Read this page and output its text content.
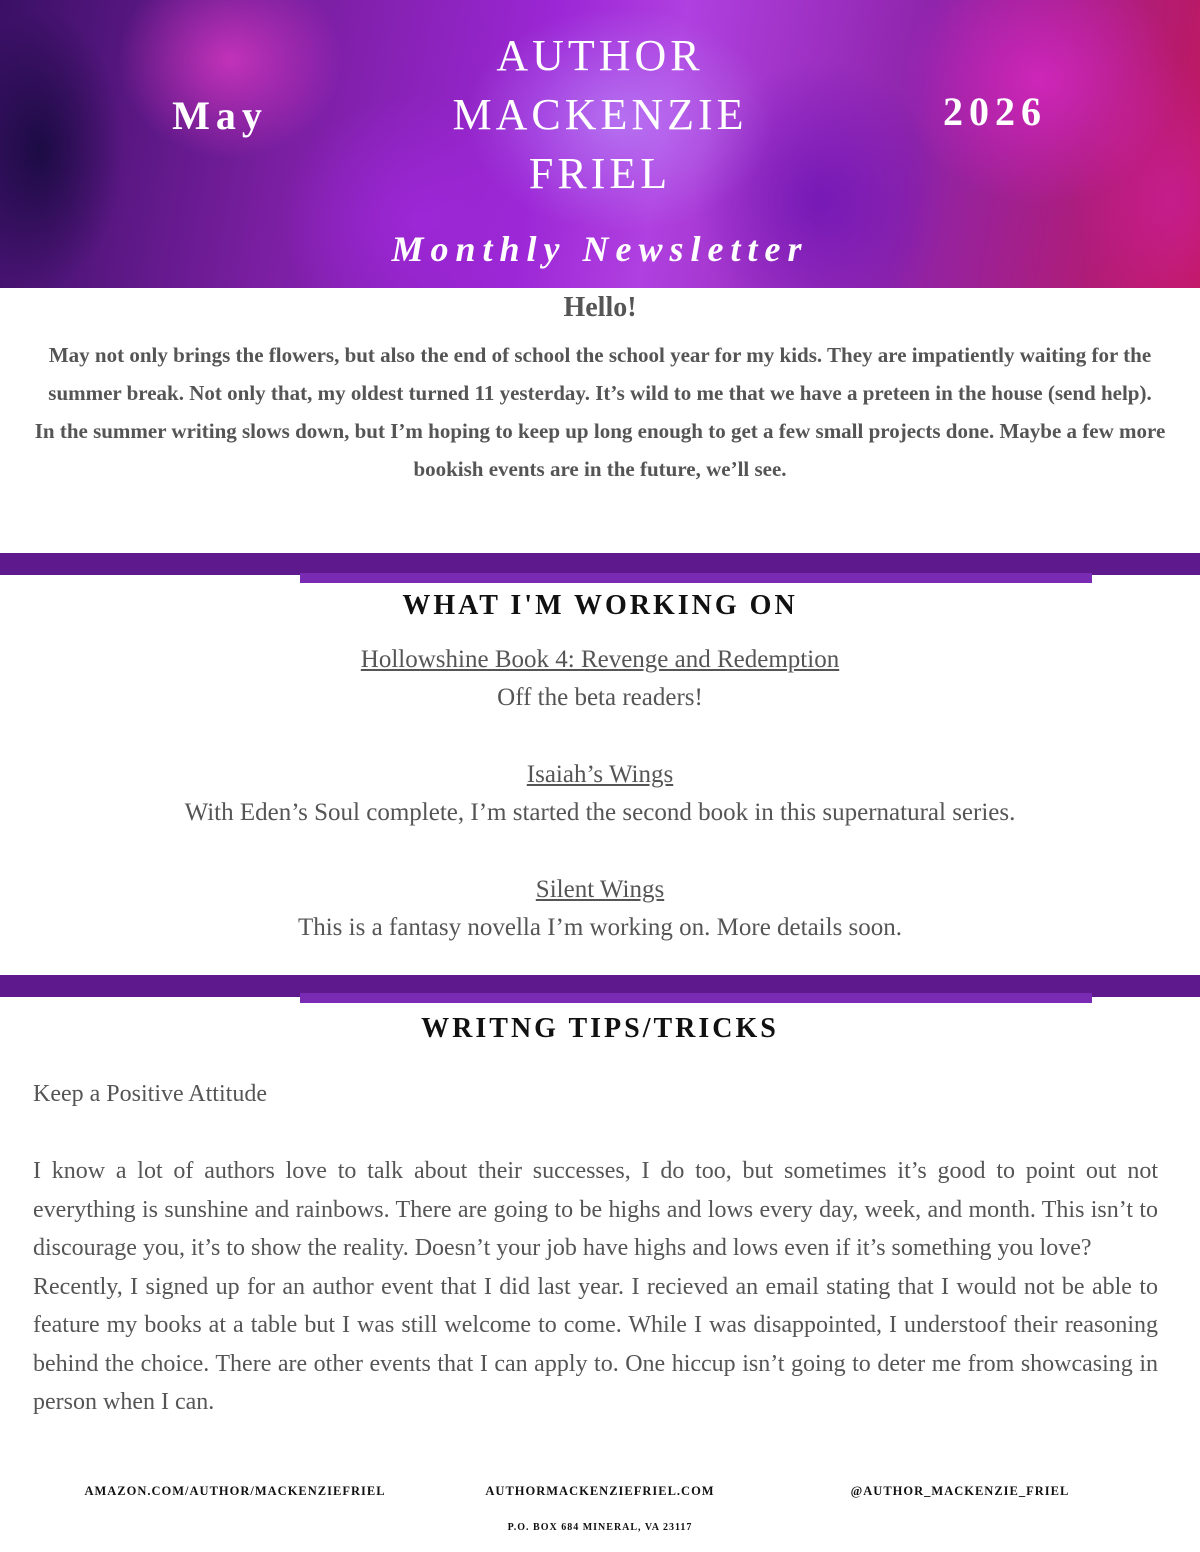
May
AUTHOR
MACKENZIE
FRIEL
2026
Monthly Newsletter
Hello!
May not only brings the flowers, but also the end of school the school year for my kids. They are impatiently waiting for the summer break. Not only that, my oldest turned 11 yesterday. It’s wild to me that we have a preteen in the house (send help).
In the summer writing slows down, but I’m hoping to keep up long enough to get a few small projects done. Maybe a few more bookish events are in the future, we’ll see.
WHAT I'M WORKING ON
Hollowshine Book 4: Revenge and Redemption
Off the beta readers!
Isaiah’s Wings
With Eden’s Soul complete, I’m started the second book in this supernatural series.
Silent Wings
This is a fantasy novella I’m working on. More details soon.
WRITNG TIPS/TRICKS
Keep a Positive Attitude
I know a lot of authors love to talk about their successes, I do too, but sometimes it’s good to point out not everything is sunshine and rainbows. There are going to be highs and lows every day, week, and month. This isn’t to discourage you, it’s to show the reality. Doesn’t your job have highs and lows even if it’s something you love?
Recently, I signed up for an author event that I did last year. I recieved an email stating that I would not be able to feature my books at a table but I was still welcome to come. While I was disappointed, I understoof their reasoning behind the choice. There are other events that I can apply to. One hiccup isn’t going to deter me from showcasing in person when I can.
AMAZON.COM/AUTHOR/MACKENZIEFRIEL	AUTHORMACKENZIEFRIEL.COM	@AUTHOR_MACKENZIE_FRIEL
P.O. BOX 684 MINERAL, VA 23117
